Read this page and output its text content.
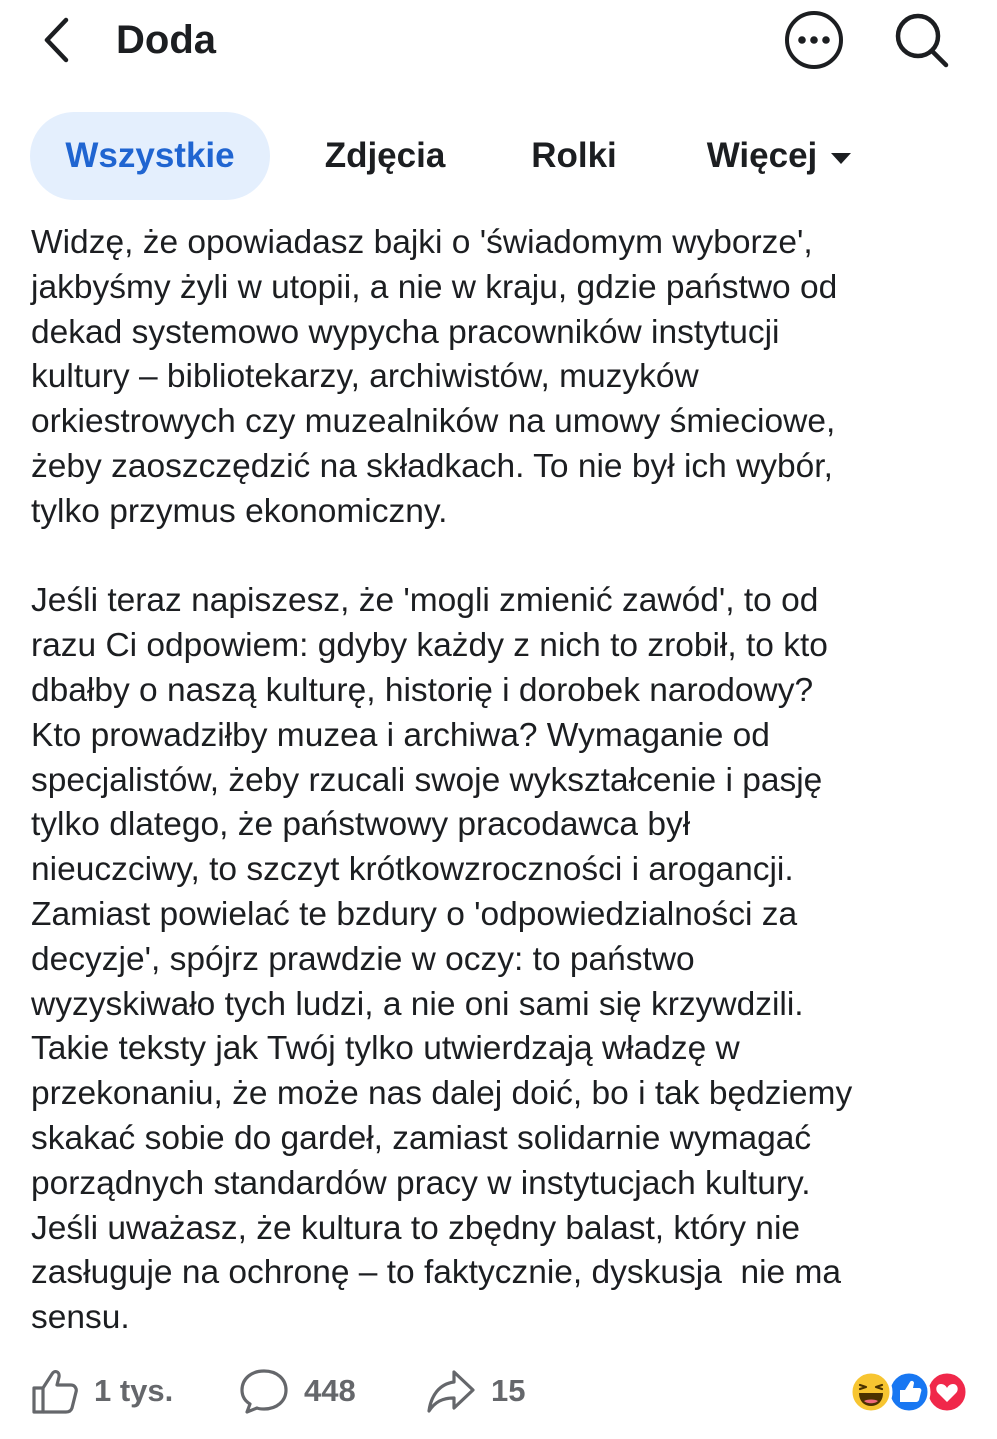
Doda
Wszystkie	Zdjęcia Rolki	Więcej
Widzę, że opowiadasz bajki o 'świadomym wyborze',
jakbyśmy żyli w utopii, a nie w kraju, gdzie państwo od
dekad systemowo wypycha pracowników instytucji
kultury – bibliotekarzy, archiwistów, muzyków
orkiestrowych czy muzealników na umowy śmieciowe,
żeby zaoszczędzić na składkach. To nie był ich wybór,
tylko przymus ekonomiczny.

Jeśli teraz napiszesz, że 'mogli zmienić zawód', to od
razu Ci odpowiem: gdyby każdy z nich to zrobił, to kto
dbałby o naszą kulturę, historię i dorobek narodowy?
Kto prowadziłby muzea i archiwa? Wymaganie od
specjalistów, żeby rzucali swoje wykształcenie i pasję
tylko dlatego, że państwowy pracodawca był
nieuczciwy, to szczyt krótkowzroczności i arogancji.
Zamiast powielać te bzdury o 'odpowiedzialności za
decyzje', spójrz prawdzie w oczy: to państwo
wyzyskiwało tych ludzi, a nie oni sami się krzywdzili.
Takie teksty jak Twój tylko utwierdzają władzę w
przekonaniu, że może nas dalej doić, bo i tak będziemy
skakać sobie do gardeł, zamiast solidarnie wymagać
porządnych standardów pracy w instytucjach kultury.
Jeśli uważasz, że kultura to zbędny balast, który nie
zasługuje na ochronę – to faktycznie, dyskusja  nie ma
sensu.
1 tys.	448	15
